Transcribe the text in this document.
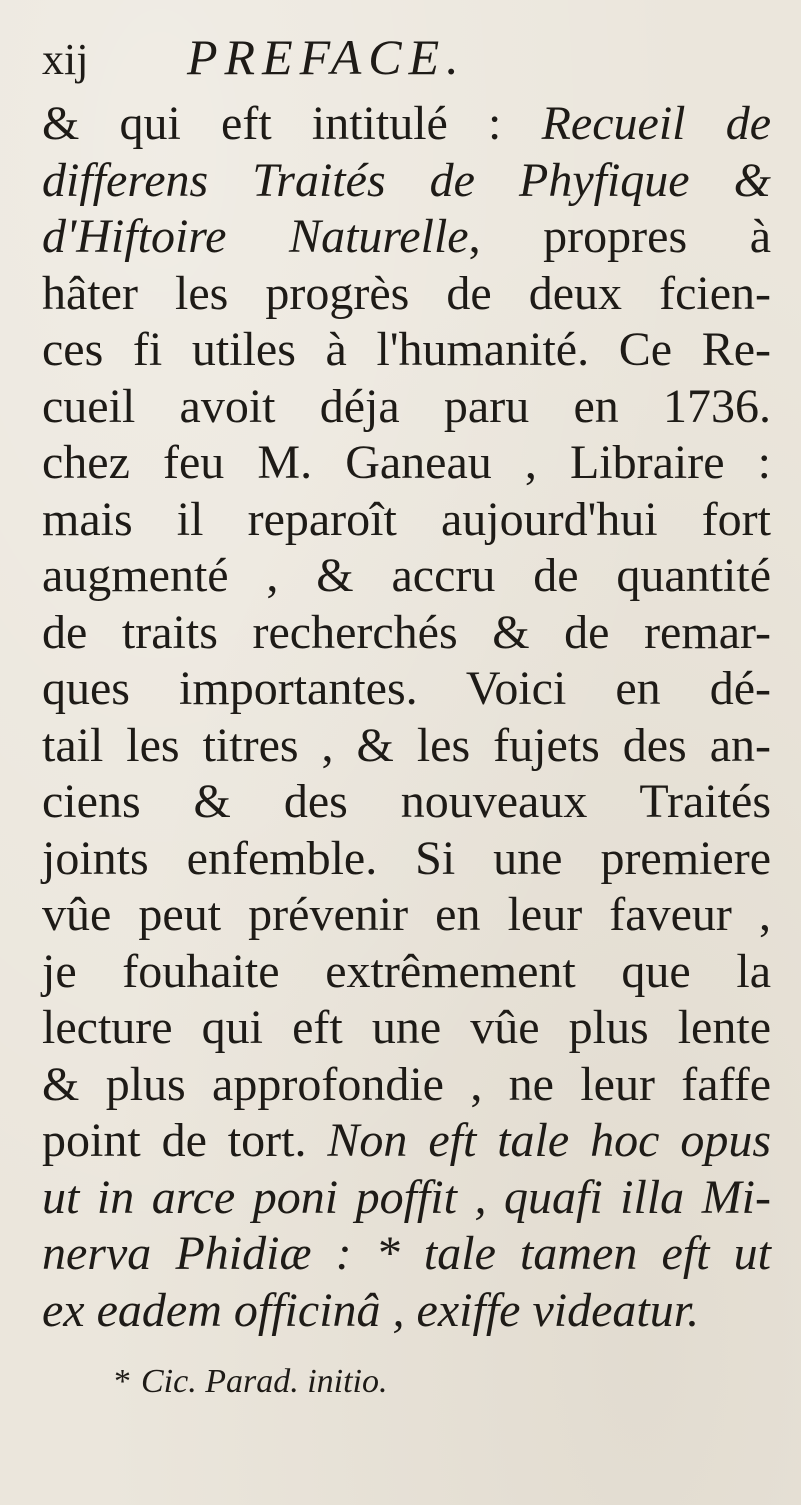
xij	PREFACE.
& qui eft intitulé : Recueil de
differens Traités de Phyfique &
d'Hiftoire Naturelle, propres à
hâter les progrès de deux fcien-
ces fi utiles à l'humanité. Ce Re-
cueil avoit déja paru en 1736.
chez feu M. Ganeau , Libraire :
mais il reparoît aujourd'hui fort
augmenté , & accru de quantité
de traits recherchés & de remar-
ques importantes. Voici en dé-
tail les titres , & les fujets des an-
ciens & des nouveaux Traités
joints enfemble. Si une premiere
vûe peut prévenir en leur faveur ,
je fouhaite extrêmement que la
lecture qui eft une vûe plus lente
& plus approfondie , ne leur faffe
point de tort. Non eft tale hoc opus
ut in arce poni poffit , quafi illa Mi-
nerva Phidiæ : * tale tamen eft ut
ex eadem officinâ , exiffe videatur.
* Cic. Parad. initio.
